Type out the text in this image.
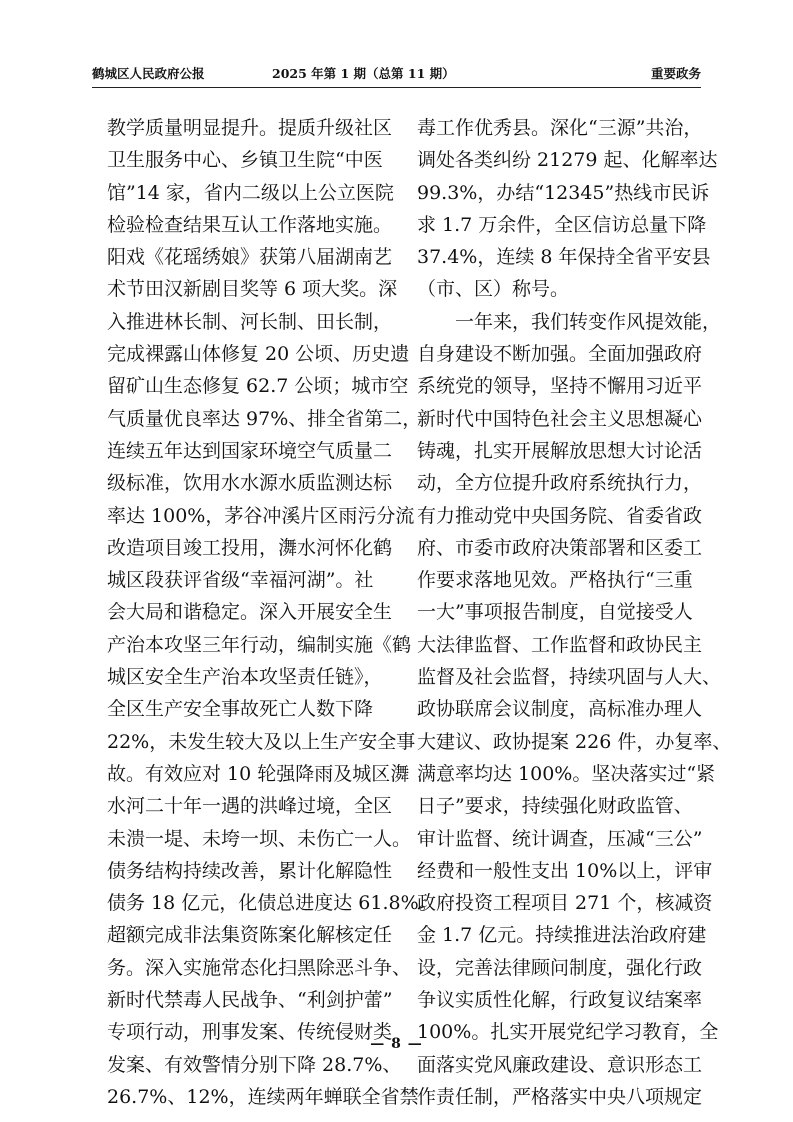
鹤城区人民政府公报	2025 年第 1 期（总第 11 期）	重要政务

教学质量明显提升。提质升级社区

卫生服务中心、乡镇卫生院“中医

馆”14 家，省内二级以上公立医院

检验检查结果互认工作落地实施。

阳戏《花瑶绣娘》获第八届湖南艺

术节田汉新剧目奖等 6 项大奖。深

入推进林长制、河长制、田长制，

完成裸露山体修复 20 公顷、历史遗

留矿山生态修复 62.7 公顷；城市空

气质量优良率达 97%、排全省第二，

连续五年达到国家环境空气质量二

级标准，饮用水水源水质监测达标

率达 100%，茅谷冲溪片区雨污分流

改造项目竣工投用，㵲水河怀化鹤

城区段获评省级“幸福河湖”。社

会大局和谐稳定。深入开展安全生

产治本攻坚三年行动，编制实施《鹤

城区安全生产治本攻坚责任链》，

全区生产安全事故死亡人数下降

22%，未发生较大及以上生产安全事

故。有效应对 10 轮强降雨及城区㵲

水河二十年一遇的洪峰过境，全区

未溃一堤、未垮一坝、未伤亡一人。

债务结构持续改善，累计化解隐性

债务 18 亿元，化债总进度达 61.8%。

超额完成非法集资陈案化解核定任

务。深入实施常态化扫黑除恶斗争、

新时代禁毒人民战争、“利剑护蕾”

专项行动，刑事发案、传统侵财类

发案、有效警情分别下降 28.7%、

26.7%、12%，连续两年蝉联全省禁

毒工作优秀县。深化“三源”共治，

调处各类纠纷 21279 起、化解率达

99.3%，办结“12345”热线市民诉

求 1.7 万余件，全区信访总量下降

37.4%，连续 8 年保持全省平安县

（市、区）称号。

　　一年来，我们转变作风提效能，

自身建设不断加强。全面加强政府

系统党的领导，坚持不懈用习近平

新时代中国特色社会主义思想凝心

铸魂，扎实开展解放思想大讨论活

动，全方位提升政府系统执行力，

有力推动党中央国务院、省委省政

府、市委市政府决策部署和区委工

作要求落地见效。严格执行“三重

一大”事项报告制度，自觉接受人

大法律监督、工作监督和政协民主

监督及社会监督，持续巩固与人大、

政协联席会议制度，高标准办理人

大建议、政协提案 226 件，办复率、

满意率均达 100%。坚决落实过“紧

日子”要求，持续强化财政监管、

审计监督、统计调查，压减“三公”

经费和一般性支出 10%以上，评审

政府投资工程项目 271 个，核减资

金 1.7 亿元。持续推进法治政府建

设，完善法律顾问制度，强化行政

争议实质性化解，行政复议结案率

100%。扎实开展党纪学习教育，全

面落实党风廉政建设、意识形态工

作责任制，严格落实中央八项规定

— 8 —
